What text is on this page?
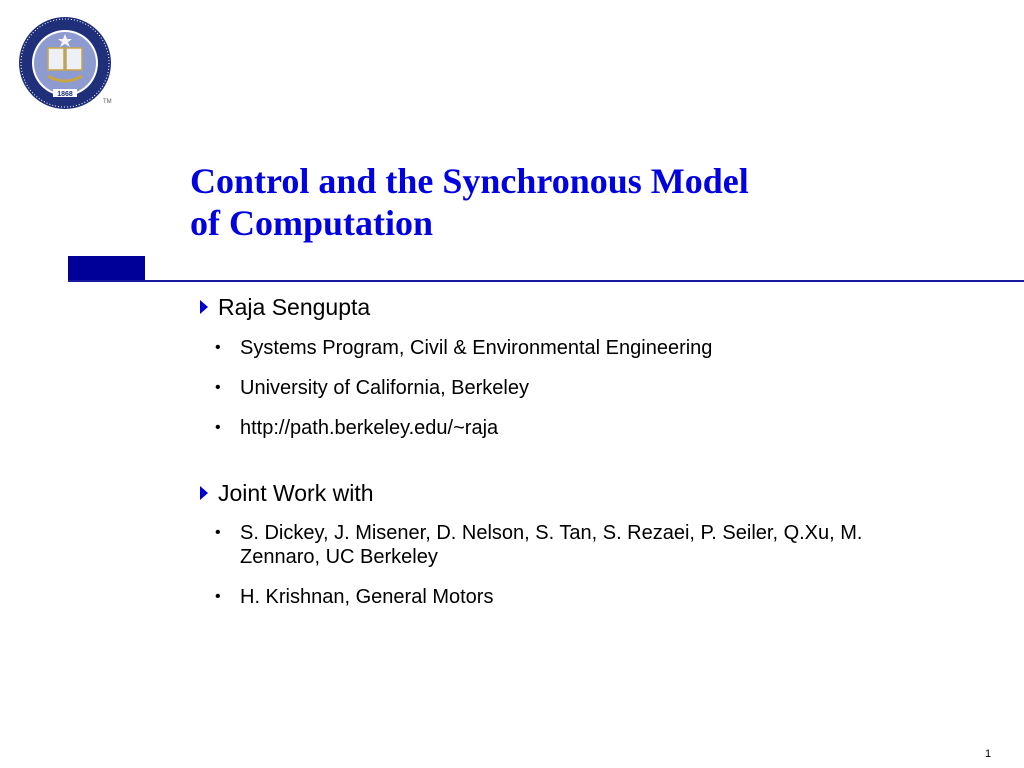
1868
TM
Control and the Synchronous Model
of Computation

Raja Sengupta

• Systems Program, Civil & Environmental Engineering

• University of California, Berkeley

• http://path.berkeley.edu/~raja

Joint Work with

• S. Dickey, J. Misener, D. Nelson, S. Tan, S. Rezaei, P. Seiler, Q.Xu, M. Zennaro, UC Berkeley

• H. Krishnan, General Motors

1
